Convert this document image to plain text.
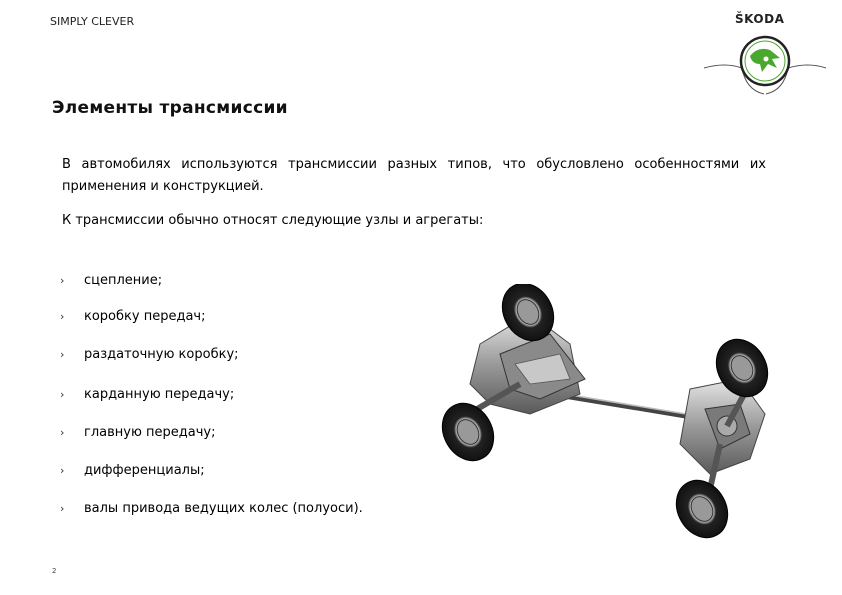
SIMPLY CLEVER	ŠKODA
Элементы трансмиссии
В автомобилях используются трансмиссии разных типов, что обусловлено особенностями их применения и конструкцией.
К трансмиссии обычно относят следующие узлы и агрегаты:
› сцепление;
› коробку передач;
› раздаточную коробку;
› карданную передачу;
› главную передачу;
› дифференциалы;
› валы привода ведущих колес (полуоси).
2
